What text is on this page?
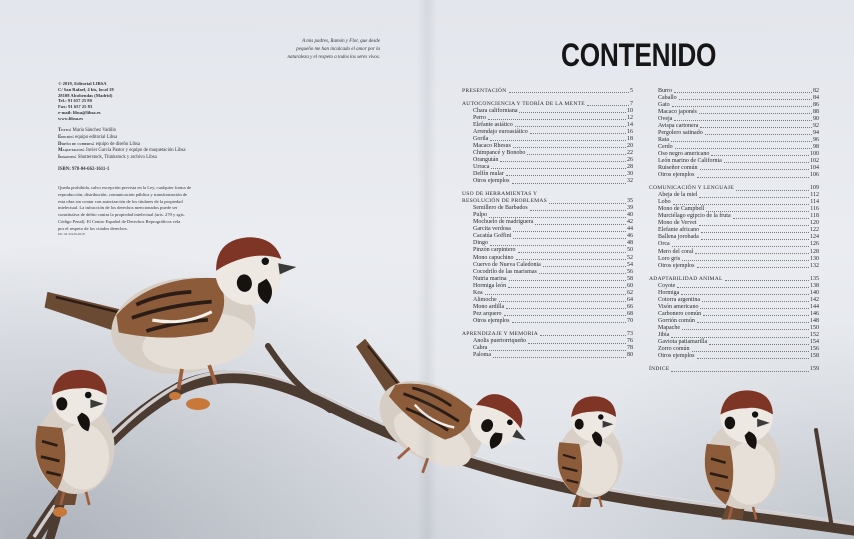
A mis padres, Ramón y Flor, que desde
pequeño me han inculcado el amor por la
naturaleza y el respeto a todos los seres vivos.
© 2019, Editorial LIBSA
C/ San Rafael, 4 bis, local 18
28108 Alcobendas (Madrid)
Tel.: 91 657 25 80
Fax: 91 657 25 83
e-mail: libsa@libsa.es
www.libsa.es
Texto: María Sánchez Vadillo
Edición: equipo editorial Libsa
Diseño de cubierta: equipo de diseño Libsa
Maquetación: Javier García Pastor y equipo de maquetación Libsa
Imágenes: Shutterstock, Thinkstock y archivo Libsa
ISBN: 978-84-662-1611-1
Queda prohibida, salvo excepción prevista en la Ley, cualquier forma de
reproducción, distribución, comunicación pública y transformación de
esta obra sin contar con autorización de los titulares de la propiedad
intelectual. La infracción de los derechos mencionados puede ser
constitutiva de delito contra la propiedad intelectual (arts. 270 y sgts.
Código Penal). El Centro Español de Derechos Reprográficos vela
por el respeto de los citados derechos.
DL: M 43129-2018
CONTENIDO
PRESENTACIÓN	5
AUTOCONCIENCIA Y TEORÍA DE LA MENTE	7
Chara californiana	10
Perro	12
Elefante asiático	14
Arrendajo euroasiático	16
Gorila	18
Macaco Rhesus	20
Chimpancé y Bonobo	22
Orangután	26
Urraca	28
Delfín mular	30
Otros ejemplos	32
USO DE HERRAMIENTAS Y
RESOLUCIÓN DE PROBLEMAS	35
Semillero de Barbados	39
Pulpo	40
Mochuelo de madriguera	42
Garcita verdosa	44
Cacatúa Goffini	46
Dingo	48
Pinzón carpintero	50
Mono capuchino	52
Cuervo de Nueva Caledonia	54
Cocodrilo de las marismas	56
Nutria marina	58
Hormiga león	60
Kea	62
Alimoche	64
Mono ardilla	66
Pez arquero	68
Otros ejemplos	70
APRENDIZAJE Y MEMORIA	73
Anolis puertorriqueño	76
Cabra	78
Paloma	80
Burro	82
Caballo	84
Gato	86
Macaco japonés	88
Oveja	90
Avispa cartonera	92
Pergolero satinado	94
Rata	96
Cerdo	98
Oso negro americano	100
León marino de California	102
Ruiseñor común	104
Otros ejemplos	106
COMUNICACIÓN Y LENGUAJE	109
Abeja de la miel	112
Lobo	114
Mono de Campbell	116
Murciélago egipcio de la fruta	118
Mono de Vervet	120
Elefante africano	122
Ballena jorobada	124
Orca	126
Mero del coral	128
Loro gris	130
Otros ejemplos	132
ADAPTABILIDAD ANIMAL	135
Coyote	138
Hormiga	140
Cotorra argentina	142
Visón americano	144
Carbonero común	146
Gorrión común	148
Mapache	150
Jibia	152
Gaviota patiamarilla	154
Zorro común	156
Otros ejemplos	158
ÍNDICE	159
